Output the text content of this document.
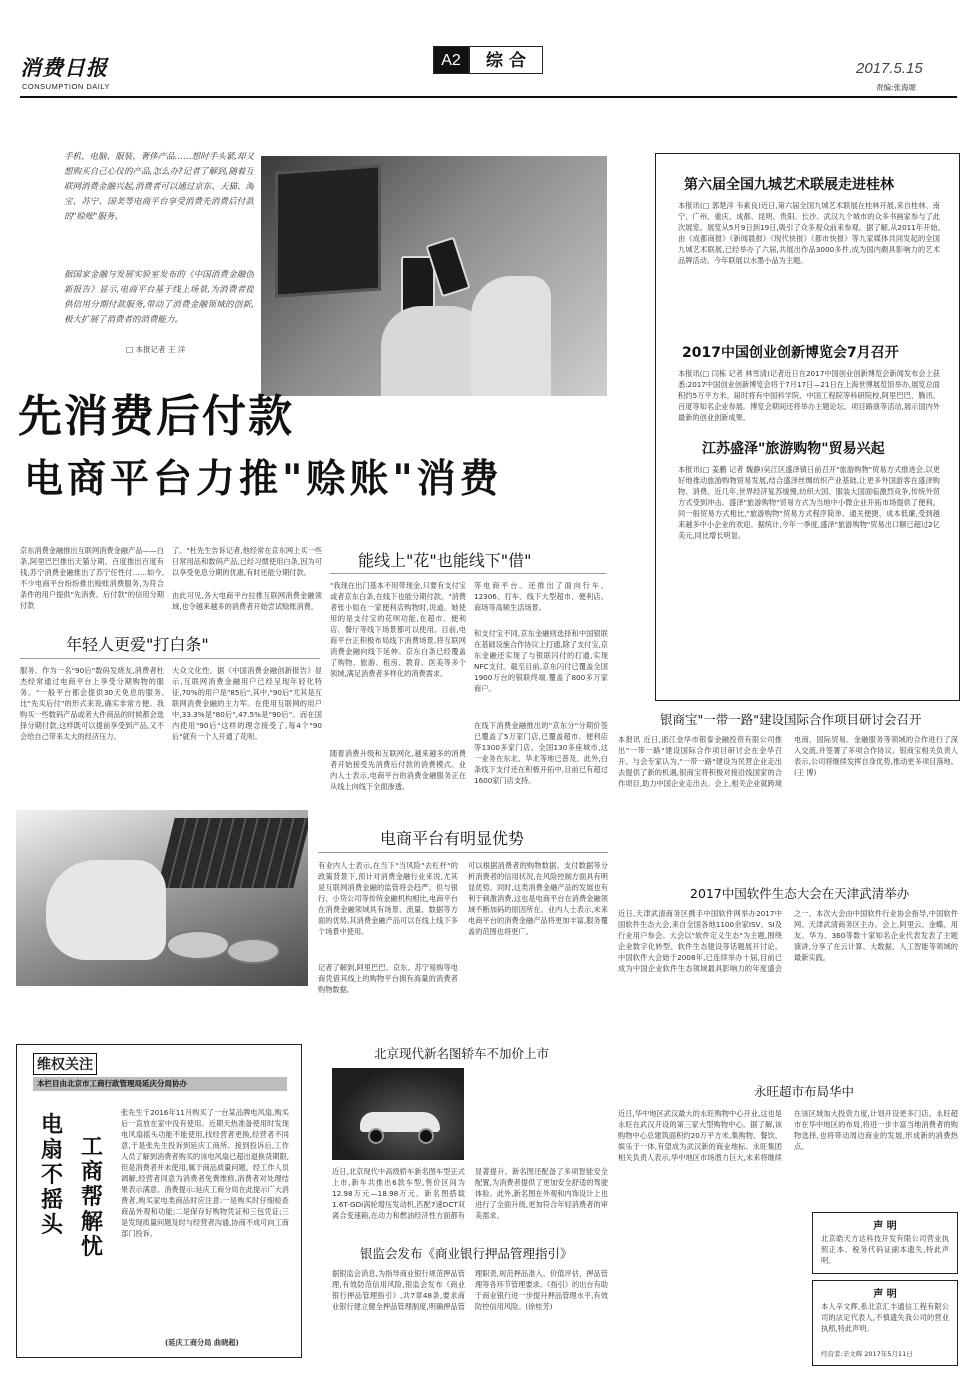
消费日报
CONSUMPTION DAILY
A2	综 合	2017.5.15
责编:张海塬
手机、电脑、服装、奢侈产品……想时手头紧,却又想购买自己心仪的产品,怎么办?记者了解到,随着互联网消费金融兴起,消费者可以通过京东、天猫、淘宝、苏宁、国美等电商平台享受消费先消费后付款的"赊账"服务。
据国家金融与发展实验室发布的《中国消费金融创新报告》显示,电商平台基于线上场景,为消费者提供信用分期付款服务,带动了消费金融领域的创新,极大扩展了消费者的消费能力。
□ 本报记者 王 洋
先消费后付款
电商平台力推"赊账"消费
京东消费金融推出互联网消费金融产品——白条,阿里巴巴推出天猫分期、百度推出百度有钱,苏宁消费金融推出了苏宁任性付……如今,不少电商平台纷纷推出赊账消费服务,为符合条件的用户提供"先消费、后付款"的信用分期付款
了。"杜先生告诉记者,他经常在京东网上买一些日常用品和数码产品,已经习惯使用白条,因为可以享受免息分期的优惠,有时还能分期付款。
由此可见,各大电商平台拉推互联网消费金融领域,也令越来越多的消费者开始尝试赊账消费。
年轻人更爱"打白条"
服务。作为一名"90后"数码发烧友,消费者杜杰经常通过电商平台上享受分期购物的服务。"一般平台都会提供30天免息的服务,比"先买后付"的形式来说,确实非常方便。我购买一些数码产品或者大件商品的时候都会选择分期付款,这样既可以提前享受到产品,又不会给自己带来太大的经济压力。
大众文化性。据《中国消费金融创新报告》显示,互联网消费金融用户已经呈现年轻化特征,70%的用户是"85后",其中,"90后"尤其是互联网消费金融的主力军。在使用互联网的用户中,33.3%是"80后",47.5%是"90后"。而在国内使用"90后"这样的理念接受了,每4个"90后"就有一个人开通了花呗。
能线上"花"也能线下"借"
"我现在出门基本不用带现金,只要有支付宝或者京东白条,在线下也能分期付款。"消费者张小姐在一家便利店购物时,说道。她使用的是支付宝的花呗功能,在超市、便利店、餐厅等线下场景都可以使用。目前,电商平台正积极布局线下消费场景,将互联网消费金融向线下延伸。京东白条已经覆盖了购物、旅游、租房、教育、医美等多个领域,满足消费者多样化的消费需求。
随着消费升级和互联网化,越来越多的消费者开始接受先消费后付款的消费模式。业内人士表示,电商平台的消费金融服务正在从线上向线下全面渗透。
等电商平台。还推出了面向行车、12306、打车、线下大型超市、便利店、商场等高频生活场景。
和支付宝不同,京东金融则选择和中国银联在基础设施合作协议上打通,除了支付宝,京东金融还实现了与银联闪付的打通,实现NFC支付。截至目前,京东闪付已覆盖全国1900万台的银联终端,覆盖了800多万家商户。
在线下消费金融推出的"京东分"分期价签已覆盖了5万家门店,已覆盖超市、便利店等1300多家门店。全国130多座城市,这一业务在东北、华北等地已普及。此外,白条线下支付还在积极开拓中,目前已有超过1600家门店支持。
电商平台有明显优势
有业内人士表示,在当下"当风险"去杠杆"的政策背景下,预计对消费金融行业来说,尤其是互联网消费金融的监管将会趋严。但与银行、小贷公司等传统金融机构相比,电商平台在消费金融领域具有场景、流量、数据等方面的优势,其消费金融产品可以在线上线下多个场景中使用。
记者了解到,阿里巴巴、京东、苏宁易购等电商凭借其线上的购物平台拥有海量的消费者购物数据,
可以根据消费者的购物数据、支付数据等分析消费者的信用状况,在风险控制方面具有明显优势。同时,这类消费金融产品的发展也有利于刺激消费,这也是电商平台在消费金融领域不断加码的原因所在。业内人士表示,未来电商平台的消费金融产品将更加丰富,服务覆盖的范围也将更广。
第六届全国九城艺术联展走进桂林
本报讯(□ 郭楚洋 韦素良)近日,第六届全国九城艺术联展在桂林开展,来自桂林、南宁、广州、重庆、成都、昆明、贵阳、长沙、武汉九个城市的众多书画家参与了此次展览。展览从5月9日到19日,吸引了众多观众前来参观。据了解,从2011年开始,由《成都商报》《新闻晨报》《现代快报》《都市快报》等九家媒体共同发起的全国九城艺术联展,已经举办了六届,共展出作品3000多件,成为国内颇具影响力的艺术品牌活动。今年联展以水墨小品为主题。
2017中国创业创新博览会7月召开
本报讯(□ 闫栋 记者 林雪清)记者近日在2017中国创业创新博览会新闻发布会上获悉:2017中国创业创新博览会将于7月17日—21日在上海世博展览馆举办,展览总面积约5万平方米。届时将有中国科学院、中国工程院等科研院校,阿里巴巴、腾讯、百度等知名企业参展。博览会期间还将举办主题论坛、项目路演等活动,展示国内外最新的创业创新成果。
江苏盛泽"旅游购物"贸易兴起
本报讯(□ 姜鹏 记者 魏静)吴江区盛泽镇日前召开"旅游购物"贸易方式推进会,以更好地推动旅游购物贸易发展,结合盛泽丝绸纺织产业基础,让更多外国游客在盛泽购物、消费。近几年,世界经济复苏缓慢,纺织大国、服装大国面临激烈竞争,传统外贸方式受到冲击。盛泽"旅游购物"贸易方式为当地中小微企业开拓市场提供了便利。同一般贸易方式相比,"旅游购物"贸易方式程序简单、通关便捷、成本低廉,受到越来越多中小企业的欢迎。据统计,今年一季度,盛泽"旅游购物"贸易出口额已超过2亿美元,同比增长明显。
银商宝"一带一路"建设国际合作项目研讨会召开
本报讯 近日,浙江金华市银泰金融投资有限公司推出"一带一路"建设国际合作项目研讨会在金华召开。与会专家认为,"一带一路"建设为民营企业走出去提供了新的机遇,银商宝将积极对接沿线国家的合作项目,助力中国企业走出去。会上,相关企业就跨境电商、国际贸易、金融服务等领域的合作进行了深入交流,并签署了多项合作协议。银商宝相关负责人表示,公司将继续发挥自身优势,推动更多项目落地。(王 博)
2017中国软件生态大会在天津武清举办
近日,天津武清商务区携手中国软件网举办2017中国软件生态大会,来自全国各地1100余家ISV、SI及行业用户参会。大会以"软件定义生态"为主题,围绕企业数字化转型、软件生态建设等话题展开讨论。中国软件大会始于2008年,已连续举办十届,目前已成为中国企业软件生态领域最具影响力的年度盛会之一。本次大会由中国软件行业协会指导,中国软件网、天津武清商务区主办。会上,阿里云、金蝶、用友、华为、360等数十家知名企业代表发表了主题演讲,分享了在云计算、大数据、人工智能等领域的最新实践。
永旺超市布局华中
近日,华中地区武汉最大的永旺购物中心开业,这也是永旺在武汉开设的第三家大型购物中心。据了解,该购物中心总建筑面积约20万平方米,集购物、餐饮、娱乐于一体,有望成为武汉新的商业地标。永旺集团相关负责人表示,华中地区市场潜力巨大,未来将继续在该区域加大投资力度,计划开设更多门店。永旺超市在华中地区的布局,将进一步丰富当地消费者的购物选择,也将带动周边商业的发展,形成新的消费热点。
声 明
北京皓天方达科技开发有限公司营业执照正本、税务代码证副本遗失,特此声明。
声 明
本人辛文辉,系北京汇丰通信工程有限公司的法定代表人,不慎遗失我公司的营业执照,特此声明。
经营者:辛文辉 2017年5月11日
维权关注
本栏目由北京市工商行政管理局延庆分局协办
电扇不摇头
工商帮解忧
张先生于2016年11月购买了一台某品牌电风扇,购买后一直放在家中没有使用。近期天热准备使用时发现电风扇摇头功能不能使用,找经营者更换,经营者不同意,于是张先生投诉到延庆工商所。接到投诉后,工作人员了解到消费者购买的该电风扇已超出退换货期限,但是消费者并未使用,属于商品质量问题。经工作人员调解,经营者同意为消费者免费维修,消费者对处理结果表示满意。消费提示:延庆工商分局在此提示广大消费者,购买家电类商品时应注意:一是购买时仔细检查商品外观和功能;二是保存好购物凭证和三包凭证;三是发现质量问题及时与经营者沟通,协商不成可向工商部门投诉。
(延庆工商分局 曲晓超)
北京现代新名图轿车不加价上市
近日,北京现代中高级轿车新名图车型正式上市,新车共推出6款车型,售价区间为12.98万元—18.98万元。新名图搭载1.6T-GDi涡轮增压发动机,匹配7速DCT双离合变速箱,在动力和燃油经济性方面都有显著提升。新名图还配备了多项智能安全配置,为消费者提供了更加安全舒适的驾驶体验。此外,新名图在外观和内饰设计上也进行了全面升级,更加符合年轻消费者的审美需求。
银监会发布《商业银行押品管理指引》
据银监会消息,为指导商业银行规范押品管理,有效防范信用风险,银监会发布《商业银行押品管理指引》,共7章48条,要求商业银行建立健全押品管理制度,明确押品管理职责,规范押品准入、价值评估、押品管理等各环节管理要求。《指引》的出台有助于商业银行进一步提升押品管理水平,有效防控信用风险。(徐桂芳)
